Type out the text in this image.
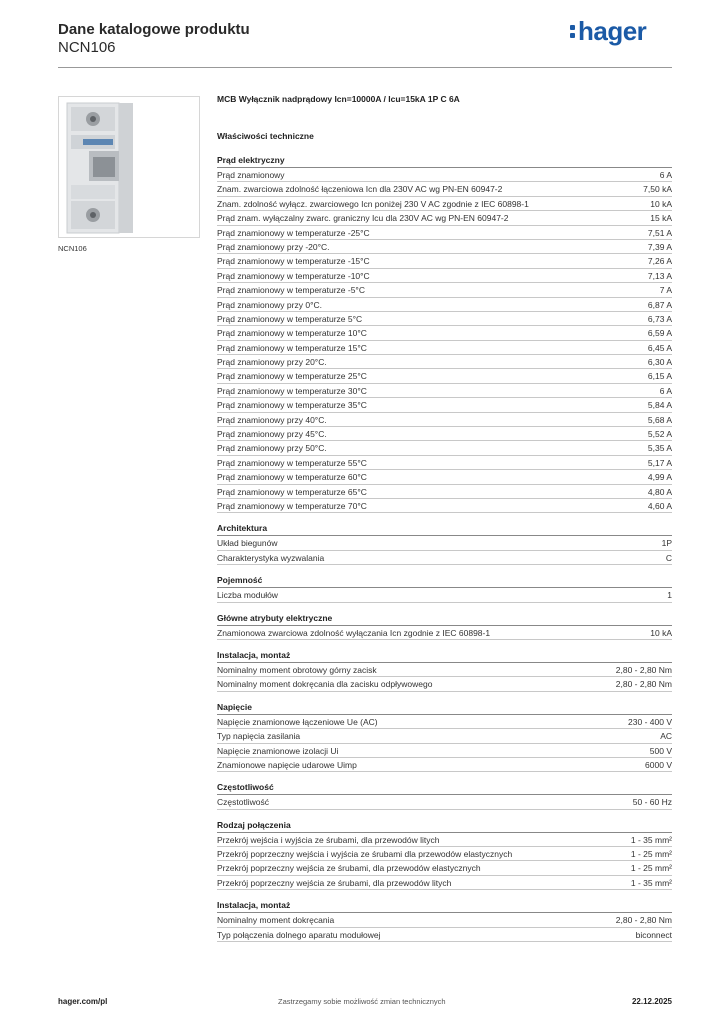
Dane katalogowe produktu
NCN106
hager
NCN106
MCB Wyłącznik nadprądowy Icn=10000A / Icu=15kA 1P C 6A
Właściwości techniczne
Prąd elektryczny
Prąd znamionowy	6 A
Znam. zwarciowa zdolność łączeniowa Icn dla 230V AC wg PN-EN 60947-2	7,50 kA
Znam. zdolność wyłącz. zwarciowego Icn poniżej 230 V AC zgodnie z IEC 60898-1	10 kA
Prąd znam. wyłączalny zwarc. graniczny Icu dla 230V AC wg PN-EN 60947-2	15 kA
Prąd znamionowy w temperaturze -25°C	7,51 A
Prąd znamionowy przy -20°C.	7,39 A
Prąd znamionowy w temperaturze -15°C	7,26 A
Prąd znamionowy w temperaturze -10°C	7,13 A
Prąd znamionowy w temperaturze -5°C	7 A
Prąd znamionowy przy 0°C.	6,87 A
Prąd znamionowy w temperaturze 5°C	6,73 A
Prąd znamionowy w temperaturze 10°C	6,59 A
Prąd znamionowy w temperaturze 15°C	6,45 A
Prąd znamionowy przy 20°C.	6,30 A
Prąd znamionowy w temperaturze 25°C	6,15 A
Prąd znamionowy w temperaturze 30°C	6 A
Prąd znamionowy w temperaturze 35°C	5,84 A
Prąd znamionowy przy 40°C.	5,68 A
Prąd znamionowy przy 45°C.	5,52 A
Prąd znamionowy przy 50°C.	5,35 A
Prąd znamionowy w temperaturze 55°C	5,17 A
Prąd znamionowy w temperaturze 60°C	4,99 A
Prąd znamionowy w temperaturze 65°C	4,80 A
Prąd znamionowy w temperaturze 70°C	4,60 A
Architektura
Układ biegunów	1P
Charakterystyka wyzwalania	C
Pojemność
Liczba modułów	1
Główne atrybuty elektryczne
Znamionowa zwarciowa zdolność wyłączania Icn zgodnie z IEC 60898-1	10 kA
Instalacja, montaż
Nominalny moment obrotowy górny zacisk	2,80 - 2,80 Nm
Nominalny moment dokręcania dla zacisku odpływowego	2,80 - 2,80 Nm
Napięcie
Napięcie znamionowe łączeniowe Ue (AC)	230 - 400 V
Typ napięcia zasilania	AC
Napięcie znamionowe izolacji Ui	500 V
Znamionowe napięcie udarowe Uimp	6000 V
Częstotliwość
Częstotliwość	50 - 60 Hz
Rodzaj połączenia
Przekrój wejścia i wyjścia ze śrubami, dla przewodów litych	1 - 35 mm²
Przekrój poprzeczny wejścia i wyjścia ze śrubami dla przewodów elastycznych	1 - 25 mm²
Przekrój poprzeczny wejścia ze śrubami, dla przewodów elastycznych	1 - 25 mm²
Przekrój poprzeczny wejścia ze śrubami, dla przewodów litych	1 - 35 mm²
Instalacja, montaż
Nominalny moment dokręcania	2,80 - 2,80 Nm
Typ połączenia dolnego aparatu modułowej	biconnect
hager.com/pl	Zastrzegamy sobie możliwość zmian technicznych	22.12.2025
